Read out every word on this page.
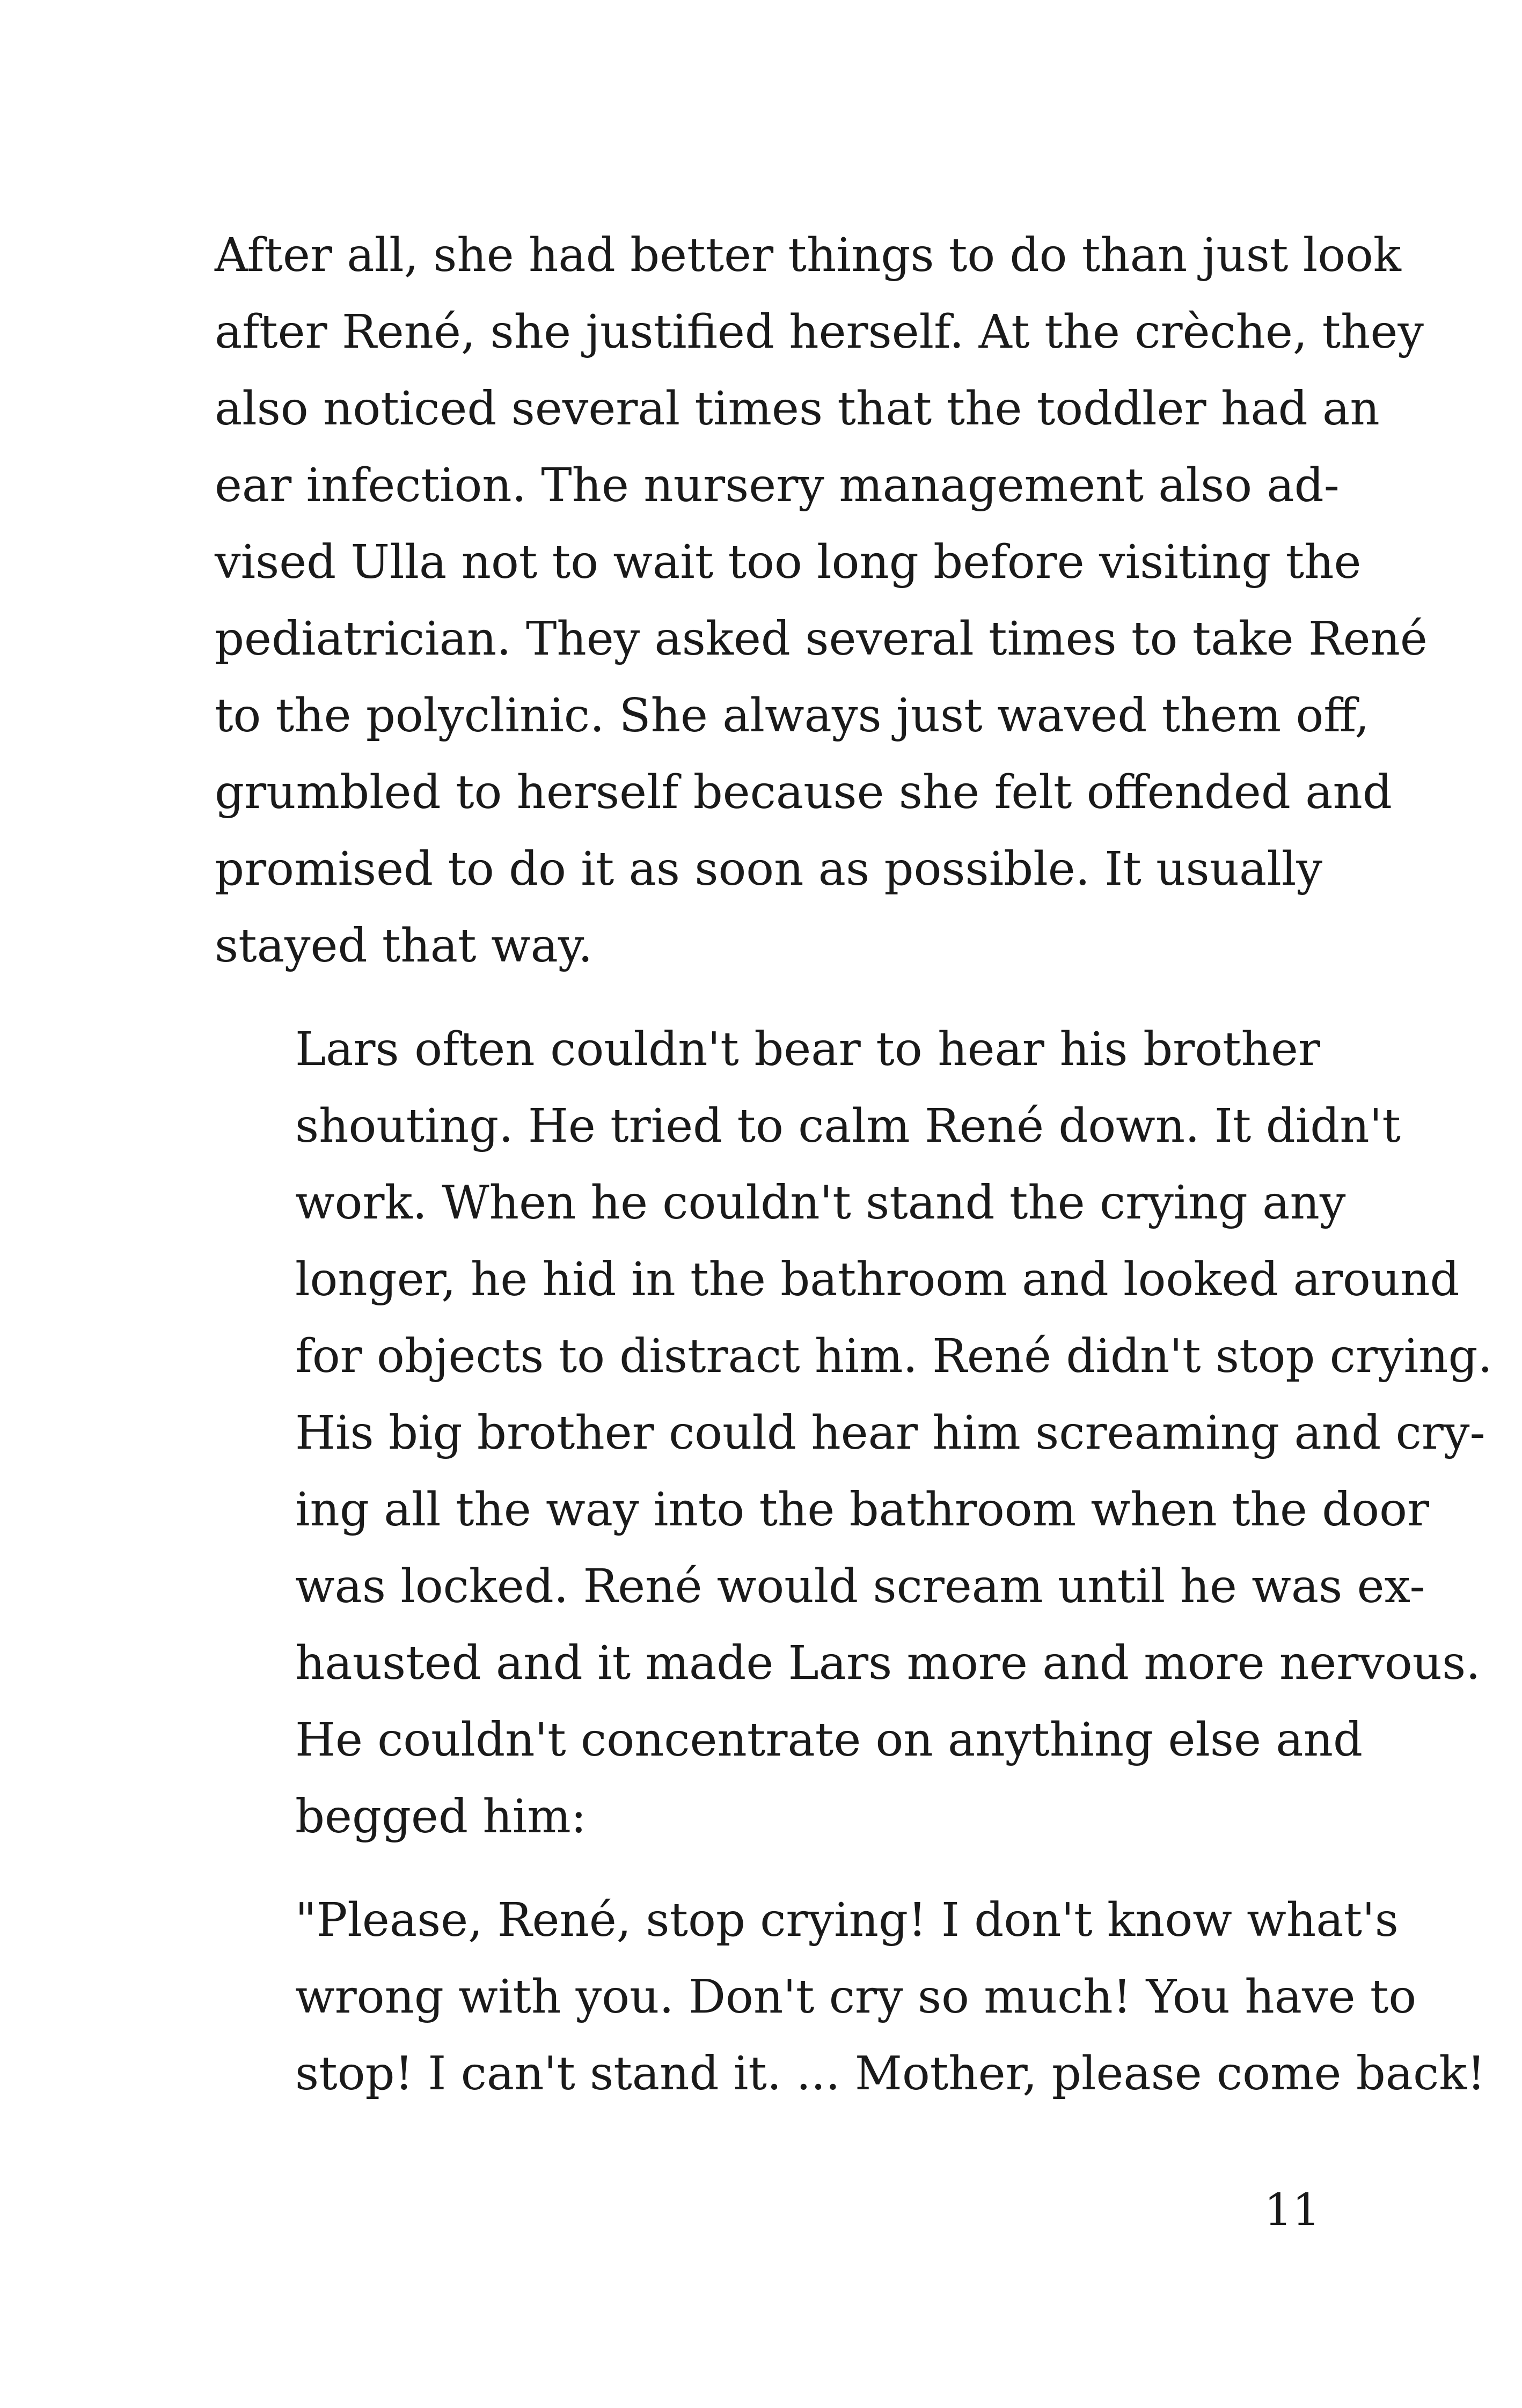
After all, she had better things to do than just look
after René, she justified herself. At the crèche, they
also noticed several times that the toddler had an
ear infection. The nursery management also ad-
vised Ulla not to wait too long before visiting the
pediatrician. They asked several times to take René
to the polyclinic. She always just waved them off,
grumbled to herself because she felt offended and
promised to do it as soon as possible. It usually
stayed that way.

Lars often couldn't bear to hear his brother
shouting. He tried to calm René down. It didn't
work. When he couldn't stand the crying any
longer, he hid in the bathroom and looked around
for objects to distract him. René didn't stop crying.
His big brother could hear him screaming and cry-
ing all the way into the bathroom when the door
was locked. René would scream until he was ex-
hausted and it made Lars more and more nervous.
He couldn't concentrate on anything else and
begged him:

"Please, René, stop crying! I don't know what's
wrong with you. Don't cry so much! You have to
stop! I can't stand it. ... Mother, please come back!

11
